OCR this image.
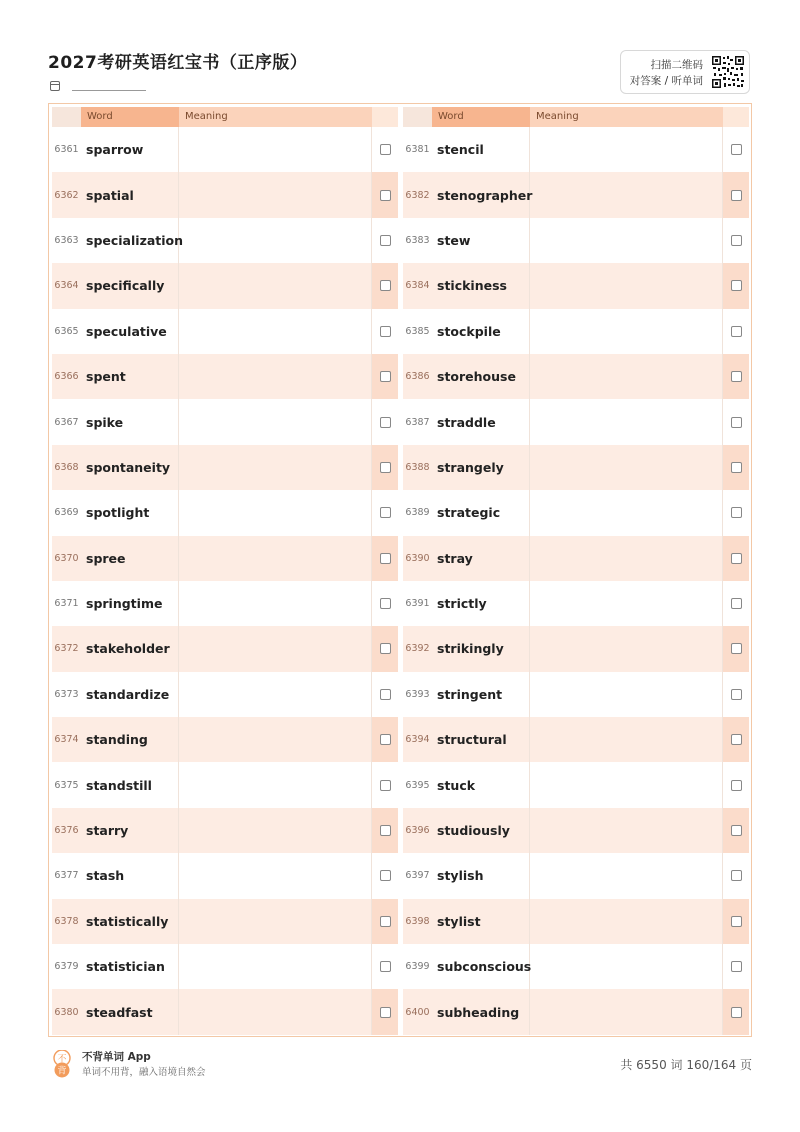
2027考研英语红宝书（正序版）	扫描二维码
对答案 / 听单词
Word	Meaning
6361 sparrow
6362 spatial
6363 specialization
6364 specifically
6365 speculative
6366 spent
6367 spike
6368 spontaneity
6369 spotlight
6370 spree
6371 springtime
6372 stakeholder
6373 standardize
6374 standing
6375 standstill
6376 starry
6377 stash
6378 statistically
6379 statistician
6380 steadfast
Word	Meaning
6381 stencil
6382 stenographer
6383 stew
6384 stickiness
6385 stockpile
6386 storehouse
6387 straddle
6388 strangely
6389 strategic
6390 stray
6391 strictly
6392 strikingly
6393 stringent
6394 structural
6395 stuck
6396 studiously
6397 stylish
6398 stylist
6399 subconscious
6400 subheading
不
背
不背单词 App
单词不用背，融入语境自然会
共 6550 词 160/164 页
